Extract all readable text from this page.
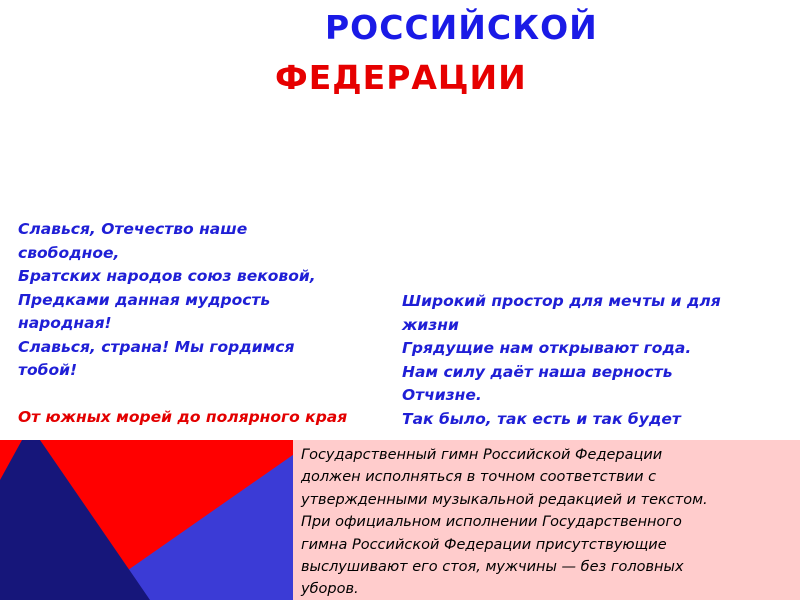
РОССИЙСКОЙ
ФЕДЕРАЦИИ
Славься, Отечество наше
свободное,
Братских народов союз вековой,
Предками данная мудрость
народная!
Славься, страна! Мы гордимся
тобой!
От южных морей до полярного края
Широкий простор для мечты и для
жизни
Грядущие нам открывают года.
Нам силу даёт наша верность
Отчизне.
Так было, так есть и так будет
Государственный гимн Российской Федерации
должен исполняться в точном соответствии с
утвержденными музыкальной редакцией и текстом.
При официальном исполнении Государственного
гимна Российской Федерации присутствующие
выслушивают его стоя, мужчины — без головных
уборов.
